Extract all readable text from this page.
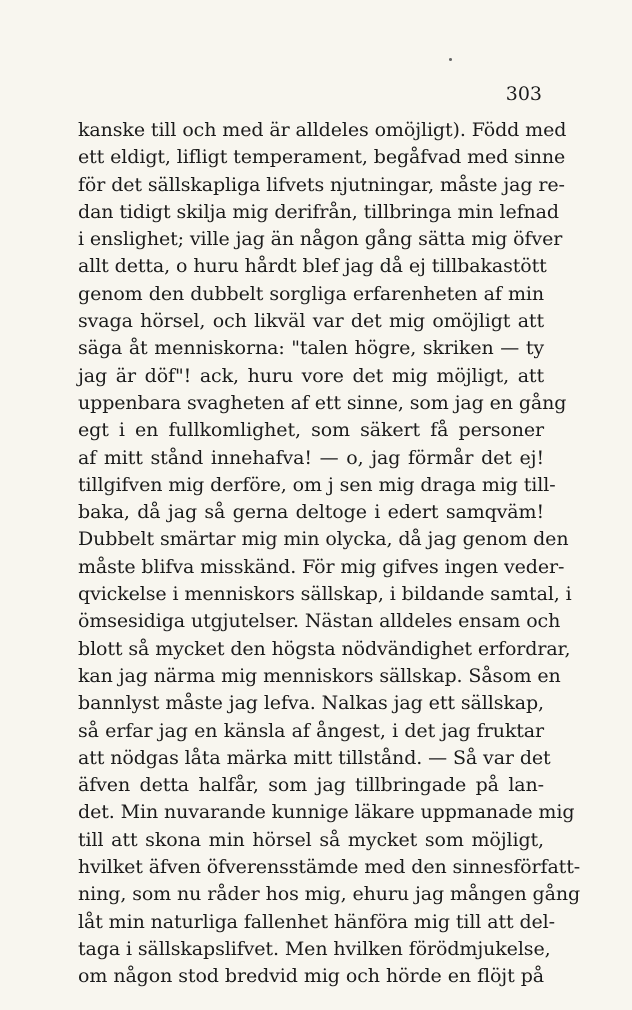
303
kanske till och med är alldeles omöjligt). Född med
ett eldigt, lifligt temperament, begåfvad med sinne
för det sällskapliga lifvets njutningar, måste jag re-
dan tidigt skilja mig derifrån, tillbringa min lefnad
i enslighet; ville jag än någon gång sätta mig öfver
allt detta, o huru hårdt blef jag då ej tillbakastött
genom den dubbelt sorgliga erfarenheten af min
svaga hörsel, och likväl var det mig omöjligt att
säga åt menniskorna: "talen högre, skriken — ty
jag är döf"! ack, huru vore det mig möjligt, att
uppenbara svagheten af ett sinne, som jag en gång
egt i en fullkomlighet, som säkert få personer
af mitt stånd innehafva! — o, jag förmår det ej!
tillgifven mig derföre, om j sen mig draga mig till-
baka, då jag så gerna deltoge i edert samqväm!
Dubbelt smärtar mig min olycka, då jag genom den
måste blifva misskänd. För mig gifves ingen veder-
qvickelse i menniskors sällskap, i bildande samtal, i
ömsesidiga utgjutelser. Nästan alldeles ensam och
blott så mycket den högsta nödvändighet erfordrar,
kan jag närma mig menniskors sällskap. Såsom en
bannlyst måste jag lefva. Nalkas jag ett sällskap,
så erfar jag en känsla af ångest, i det jag fruktar
att nödgas låta märka mitt tillstånd. — Så var det
äfven detta halfår, som jag tillbringade på lan-
det. Min nuvarande kunnige läkare uppmanade mig
till att skona min hörsel så mycket som möjligt,
hvilket äfven öfverensstämde med den sinnesförfatt-
ning, som nu råder hos mig, ehuru jag mången gång
låt min naturliga fallenhet hänföra mig till att del-
taga i sällskapslifvet. Men hvilken förödmjukelse,
om någon stod bredvid mig och hörde en flöjt på
